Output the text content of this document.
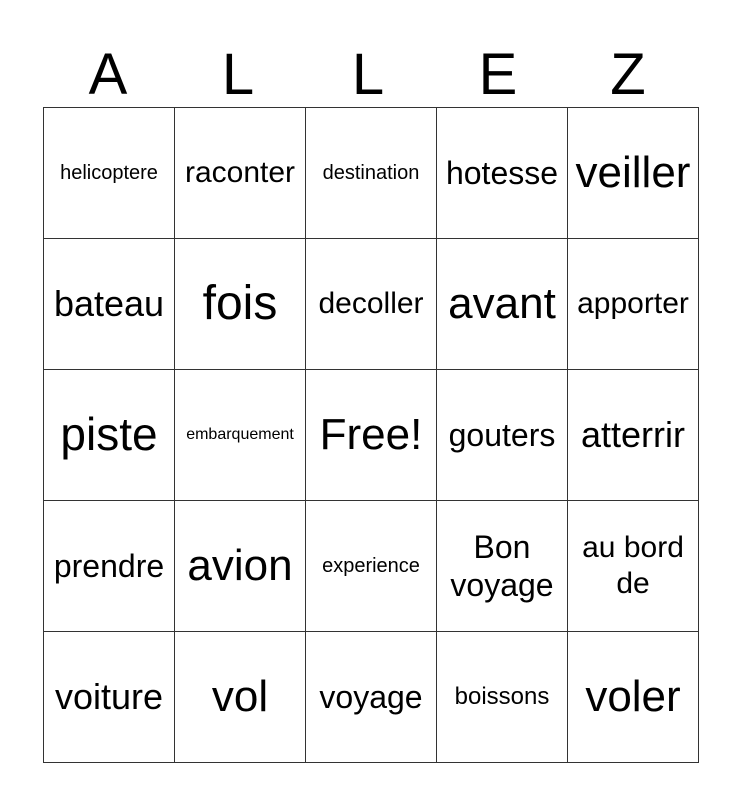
A	L	L	E	Z
helicoptere	raconter	destination	hotesse	veiller
bateau	fois	decoller	avant	apporter
piste	embarquement	Free!	gouters	atterrir
prendre	avion	experience	Bon voyage	au bord de
voiture	vol	voyage	boissons	voler
